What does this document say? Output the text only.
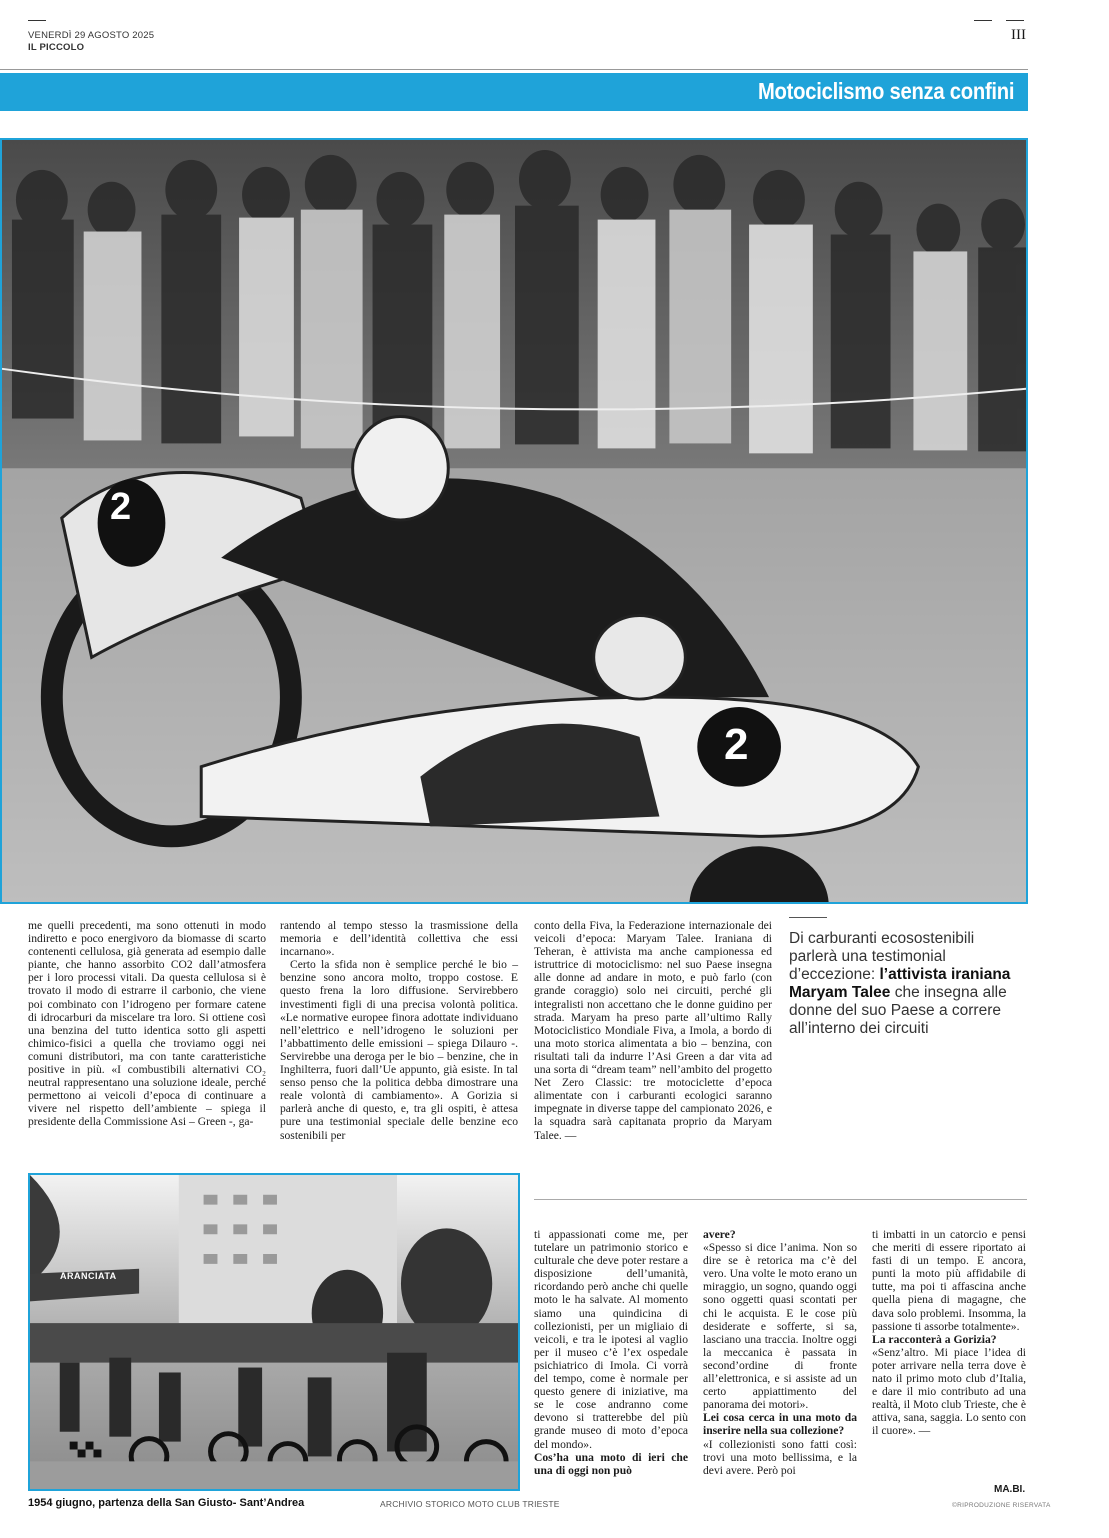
VENERDÌ 29 AGOSTO 2025
IL PICCOLO
III
Motociclismo senza confini
2
2

me quelli precedenti, ma sono ottenuti in modo indiretto e poco energivoro da biomasse di scarto contenenti cellulosa, già generata ad esempio dalle piante, che hanno assorbito CO2 dall’atmosfera per i loro processi vitali. Da questa cellulosa si è trovato il modo di estrarre il carbonio, che viene poi combinato con l’idrogeno per formare catene di idrocarburi da miscelare tra loro. Si ottiene così una benzina del tutto identica sotto gli aspetti chimico-fisici a quella che troviamo oggi nei comuni distributori, ma con tante caratteristiche positive in più. «I combustibili alternativi CO₂ neutral rappresentano una soluzione ideale, perché permettono ai veicoli d’epoca di continuare a vivere nel rispetto dell’ambiente – spiega il presidente della Commissione Asi – Green -, ga-

rantendo al tempo stesso la trasmissione della memoria e dell’identità collettiva che essi incarnano».

Certo la sfida non è semplice perché le bio – benzine sono ancora molto, troppo costose. E questo frena la loro diffusione. Servirebbero investimenti figli di una precisa volontà politica. «Le normative europee finora adottate individuano nell’elettrico e nell’idrogeno le soluzioni per l’abbattimento delle emissioni – spiega Dilauro -. Servirebbe una deroga per le bio – benzine, che in Inghilterra, fuori dall’Ue appunto, già esiste. In tal senso penso che la politica debba dimostrare una reale volontà di cambiamento». A Gorizia si parlerà anche di questo, e, tra gli ospiti, è attesa pure una testimonial speciale delle benzine eco sostenibili per

conto della Fiva, la Federazione internazionale dei veicoli d’epoca: Maryam Talee. Iraniana di Teheran, è attivista ma anche campionessa ed istruttrice di motociclismo: nel suo Paese insegna alle donne ad andare in moto, e può farlo (con grande coraggio) solo nei circuiti, perché gli integralisti non accettano che le donne guidino per strada. Maryam ha preso parte all’ultimo Rally Motociclistico Mondiale Fiva, a Imola, a bordo di una moto storica alimentata a bio – benzina, con risultati tali da indurre l’Asi Green a dar vita ad una sorta di “dream team” nell’ambito del progetto Net Zero Classic: tre motociclette d’epoca alimentate con i carburanti ecologici saranno impegnate in diverse tappe del campionato 2026, e la squadra sarà capitanata proprio da Maryam Talee. —

Di carburanti ecosostenibili parlerà una testimonial d’eccezione: l’attivista iraniana Maryam Talee che insegna alle donne del suo Paese a correre all’interno dei circuiti
ARANCIATA
1954 giugno, partenza della San Giusto- Sant’Andrea	ARCHIVIO STORICO MOTO CLUB TRIESTE

ti appassionati come me, per tutelare un patrimonio storico e culturale che deve poter restare a disposizione dell’umanità, ricordando però anche chi quelle moto le ha salvate. Al momento siamo una quindicina di collezionisti, per un migliaio di veicoli, e tra le ipotesi al vaglio per il museo c’è l’ex ospedale psichiatrico di Imola. Ci vorrà del tempo, come è normale per questo genere di iniziative, ma se le cose andranno come devono si tratterebbe del più grande museo di moto d’epoca del mondo».

Cos’ha una moto di ieri che una di oggi non può

avere?

«Spesso si dice l’anima. Non so dire se è retorica ma c’è del vero. Una volte le moto erano un miraggio, un sogno, quando oggi sono oggetti quasi scontati per chi le acquista. E le cose più desiderate e sofferte, si sa, lasciano una traccia. Inoltre oggi la meccanica è passata in second’ordine di fronte all’elettronica, e si assiste ad un certo appiattimento del panorama dei motori».

Lei cosa cerca in una moto da inserire nella sua collezione?

«I collezionisti sono fatti così: trovi una moto bellissima, e la devi avere. Però poi

ti imbatti in un catorcio e pensi che meriti di essere riportato ai fasti di un tempo. E ancora, punti la moto più affidabile di tutte, ma poi ti affascina anche quella piena di magagne, che dava solo problemi. Insomma, la passione ti assorbe totalmente».

La racconterà a Gorizia?

«Senz’altro. Mi piace l’idea di poter arrivare nella terra dove è nato il primo moto club d’Italia, e dare il mio contributo ad una realtà, il Moto club Trieste, che è attiva, sana, saggia. Lo sento con il cuore». —

MA.BI.
©RIPRODUZIONE RISERVATA
